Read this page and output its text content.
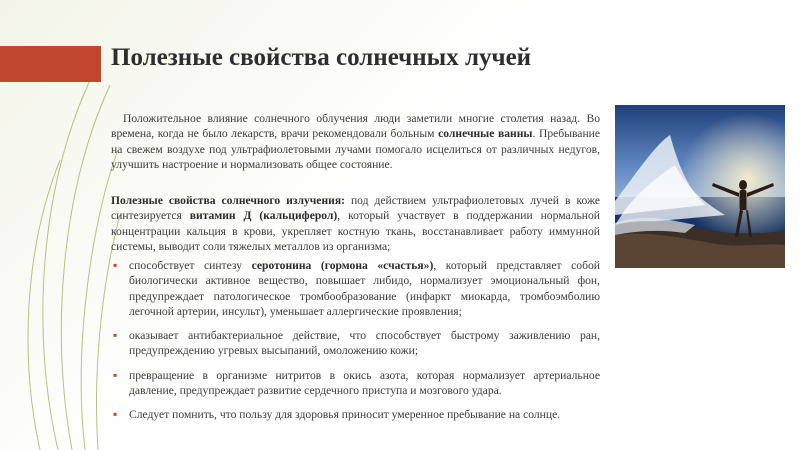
Полезные свойства солнечных лучей

Положительное влияние солнечного облучения люди заметили многие столетия назад. Во времена, когда не было лекарств, врачи рекомендовали больным солнечные ванны. Пребывание на свежем воздухе под ультрафиолетовыми лучами помогало исцелиться от различных недугов, улучшить настроение и нормализовать общее состояние.

Полезные свойства солнечного излучения: под действием ультрафиолетовых лучей в коже синтезируется витамин Д (кальциферол), который участвует в поддержании нормальной концентрации кальция в крови, укрепляет костную ткань, восстанавливает работу иммунной системы, выводит соли тяжелых металлов из организма;

▪ способствует синтезу серотонина (гормона «счастья»), который представляет собой биологически активное вещество, повышает либидо, нормализует эмоциональный фон, предупреждает патологическое тромбообразование (инфаркт миокарда, тромбоэмболию легочной артерии, инсульт), уменьшает аллергические проявления;
▪ оказывает антибактериальное действие, что способствует быстрому заживлению ран, предупреждению угревых высыпаний, омоложению кожи;
▪ превращение в организме нитритов в окись азота, которая нормализует артериальное давление, предупреждает развитие сердечного приступа и мозгового удара.
▪ Следует помнить, что пользу для здоровья приносит умеренное пребывание на солнце.
